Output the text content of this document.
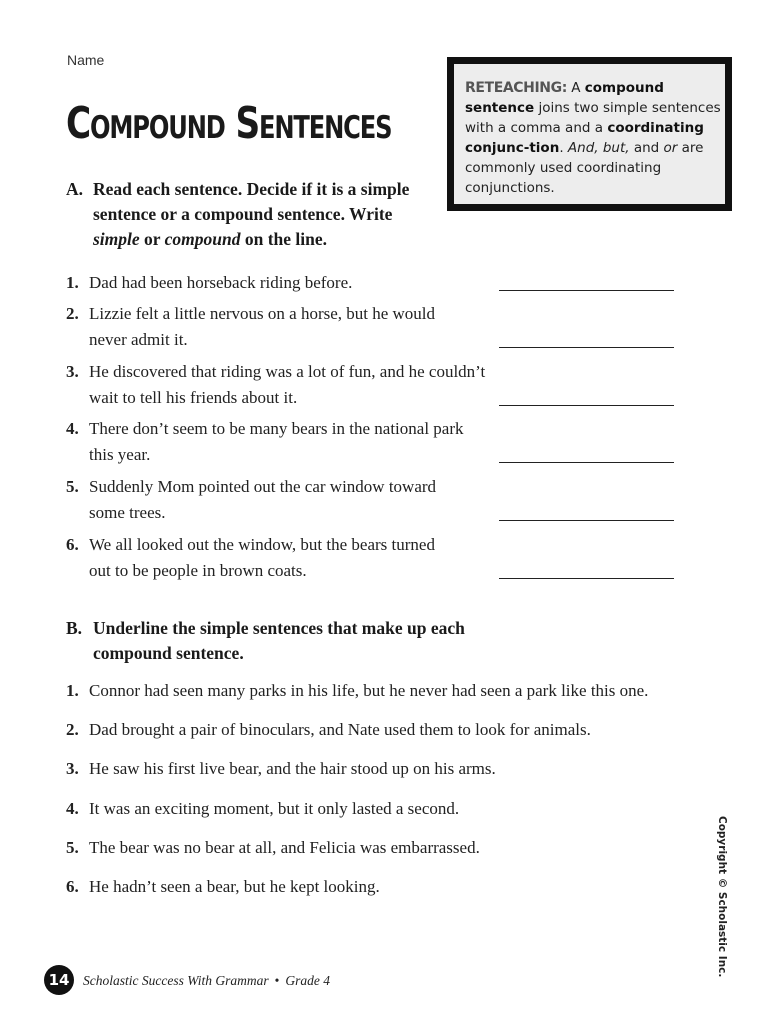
Name
Compound Sentences
RETEACHING: A compound sentence joins two simple sentences with a comma and a coordinating conjunc-tion. And, but, and or are commonly used coordinating conjunctions.
A. Read each sentence. Decide if it is a simple
sentence or a compound sentence. Write
simple or compound on the line.
1. Dad had been horseback riding before.
2. Lizzie felt a little nervous on a horse, but he would
never admit it.
3. He discovered that riding was a lot of fun, and he couldn’t
wait to tell his friends about it.
4. There don’t seem to be many bears in the national park
this year.
5. Suddenly Mom pointed out the car window toward
some trees.
6. We all looked out the window, but the bears turned
out to be people in brown coats.
B. Underline the simple sentences that make up each
compound sentence.
1. Connor had seen many parks in his life, but he never had seen a park like this one.
2. Dad brought a pair of binoculars, and Nate used them to look for animals.
3. He saw his first live bear, and the hair stood up on his arms.
4. It was an exciting moment, but it only lasted a second.
5. The bear was no bear at all, and Felicia was embarrassed.
6. He hadn’t seen a bear, but he kept looking.	Copyright © Scholastic Inc.
14	Scholastic Success With Grammar • Grade 4
